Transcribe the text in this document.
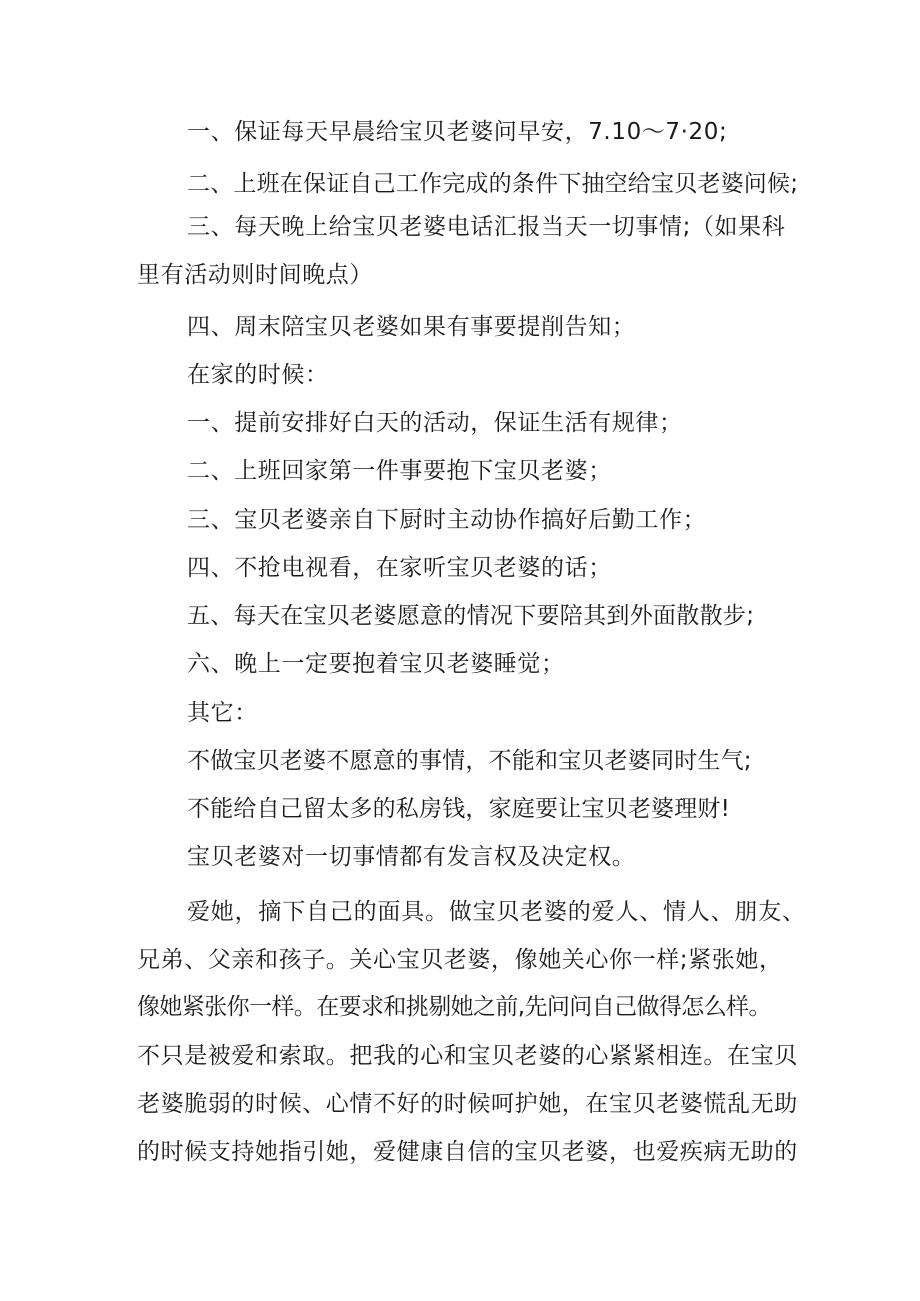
一、保证每天早晨给宝贝老婆问早安，7.10～7·20;

二、上班在保证自己工作完成的条件下抽空给宝贝老婆问候;

三、每天晚上给宝贝老婆电话汇报当天一切事情;（如果科

里有活动则时间晚点）

四、周末陪宝贝老婆如果有事要提削告知；

在家的时候：

一、提前安排好白天的活动，保证生活有规律；

二、上班回家第一件事要抱下宝贝老婆；

三、宝贝老婆亲自下厨时主动协作搞好后勤工作；

四、不抢电视看，在家听宝贝老婆的话；

五、每天在宝贝老婆愿意的情况下要陪其到外面散散步;

六、晚上一定要抱着宝贝老婆睡觉；

其它：

不做宝贝老婆不愿意的事情，不能和宝贝老婆同时生气;

不能给自己留太多的私房钱，家庭要让宝贝老婆理财!

宝贝老婆对一切事情都有发言权及决定权。

爱她，摘下自己的面具。做宝贝老婆的爱人、情人、朋友、

兄弟、父亲和孩子。关心宝贝老婆，像她关心你一样;紧张她，

像她紧张你一样。在要求和挑剔她之前,先问问自己做得怎么样。

不只是被爱和索取。把我的心和宝贝老婆的心紧紧相连。在宝贝

老婆脆弱的时候、心情不好的时候呵护她，在宝贝老婆慌乱无助

的时候支持她指引她，爱健康自信的宝贝老婆，也爱疾病无助的
